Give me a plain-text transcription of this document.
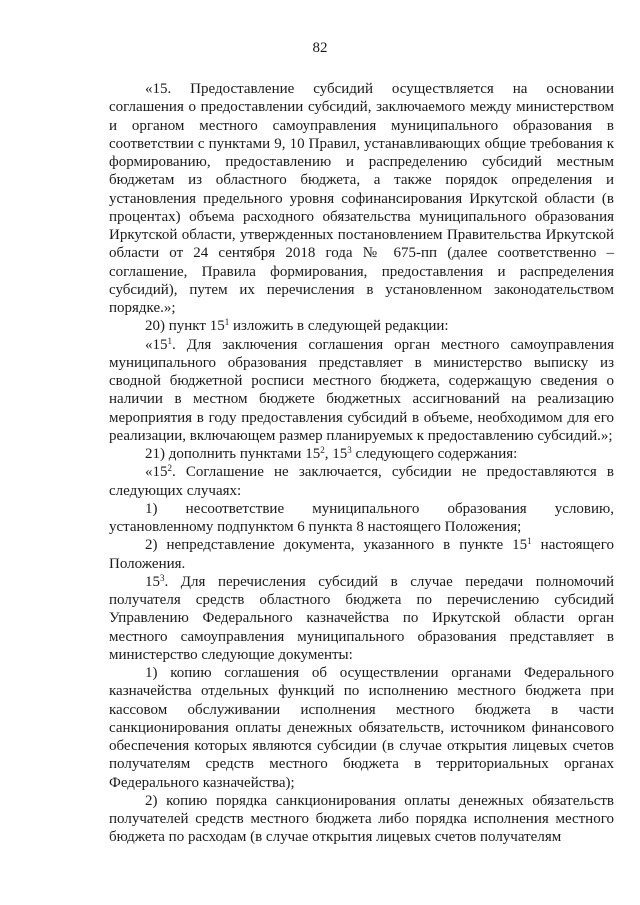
82

«15. Предоставление субсидий осуществляется на основании соглашения о предоставлении субсидий, заключаемого между министерством и органом местного самоуправления муниципального образования в соответствии с пунктами 9, 10 Правил, устанавливающих общие требования к формированию, предоставлению и распределению субсидий местным бюджетам из областного бюджета, а также порядок определения и установления предельного уровня софинансирования Иркутской области (в процентах) объема расходного обязательства муниципального образования Иркутской области, утвержденных постановлением Правительства Иркутской области от 24 сентября 2018 года № 675-пп (далее соответственно – соглашение, Правила формирования, предоставления и распределения субсидий), путем их перечисления в установленном законодательством порядке.»;

20) пункт $15^1$ изложить в следующей редакции:

«$15^1$. Для заключения соглашения орган местного самоуправления муниципального образования представляет в министерство выписку из сводной бюджетной росписи местного бюджета, содержащую сведения о наличии в местном бюджете бюджетных ассигнований на реализацию мероприятия в году предоставления субсидий в объеме, необходимом для его реализации, включающем размер планируемых к предоставлению субсидий.»;

21) дополнить пунктами $15^2$, $15^3$ следующего содержания:

«$15^2$. Соглашение не заключается, субсидии не предоставляются в следующих случаях:

1) несоответствие муниципального образования условию, установленному подпунктом 6 пункта 8 настоящего Положения;

2) непредставление документа, указанного в пункте $15^1$ настоящего Положения.

$15^3$. Для перечисления субсидий в случае передачи полномочий получателя средств областного бюджета по перечислению субсидий Управлению Федерального казначейства по Иркутской области орган местного самоуправления муниципального образования представляет в министерство следующие документы:

1) копию соглашения об осуществлении органами Федерального казначейства отдельных функций по исполнению местного бюджета при кассовом обслуживании исполнения местного бюджета в части санкционирования оплаты денежных обязательств, источником финансового обеспечения которых являются субсидии (в случае открытия лицевых счетов получателям средств местного бюджета в территориальных органах Федерального казначейства);

2) копию порядка санкционирования оплаты денежных обязательств получателей средств местного бюджета либо порядка исполнения местного бюджета по расходам (в случае открытия лицевых счетов получателям
